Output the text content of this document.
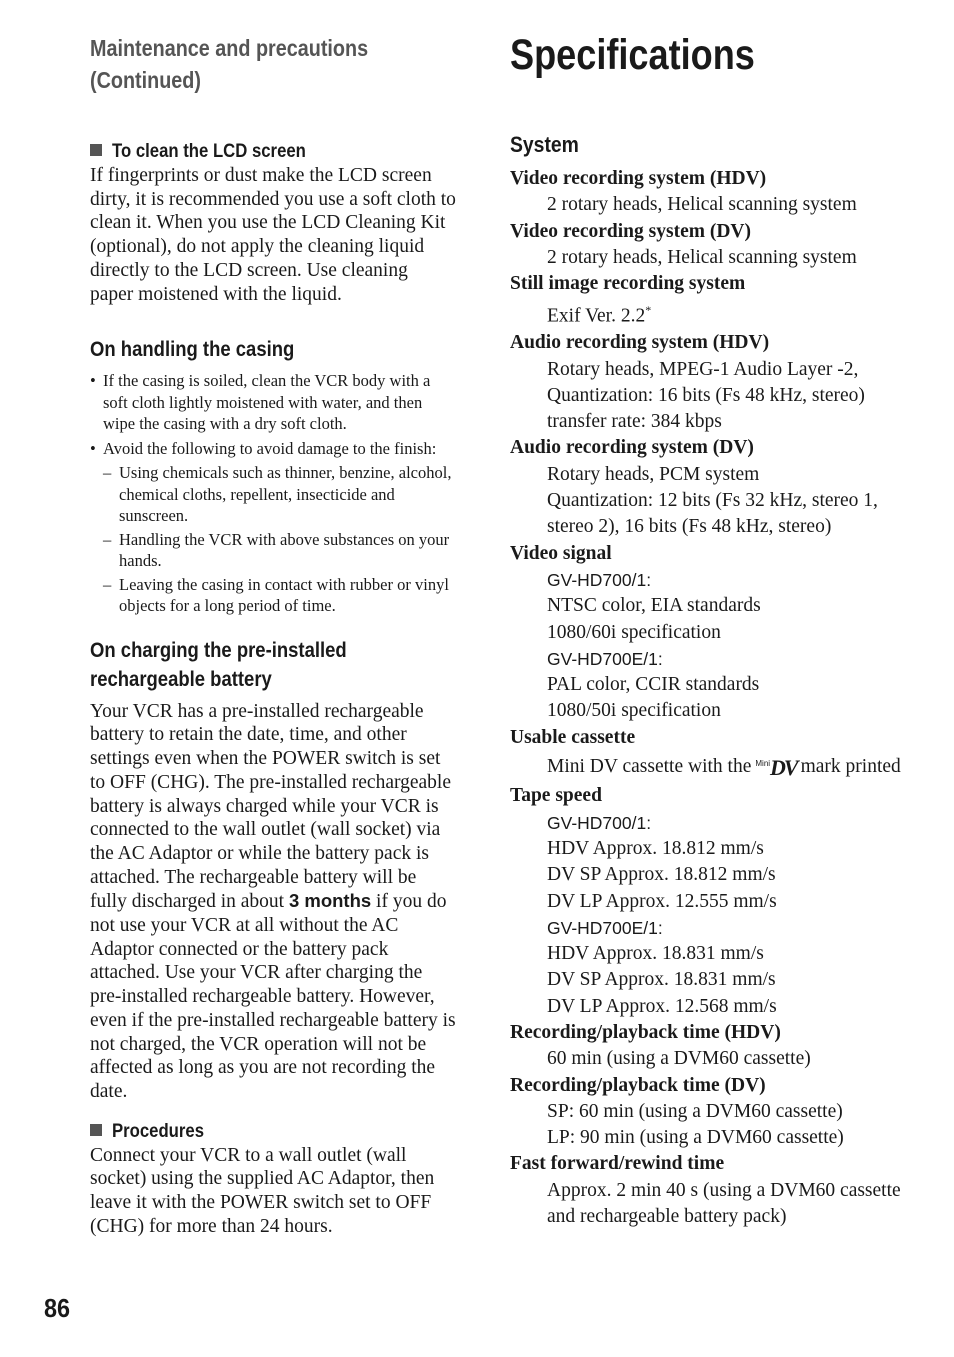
Maintenance and precautions
(Continued)
To clean the LCD screen

If fingerprints or dust make the LCD screen dirty, it is recommended you use a soft cloth to clean it. When you use the LCD Cleaning Kit (optional), do not apply the cleaning liquid directly to the LCD screen. Use cleaning paper moistened with the liquid.

On handling the casing
• If the casing is soiled, clean the VCR body with a soft cloth lightly moistened with water, and then wipe the casing with a dry soft cloth.
• Avoid the following to avoid damage to the finish:
– Using chemicals such as thinner, benzine, alcohol, chemical cloths, repellent, insecticide and sunscreen.
– Handling the VCR with above substances on your hands.
– Leaving the casing in contact with rubber or vinyl objects for a long period of time.
On charging the pre-installed
rechargeable battery

Your VCR has a pre-installed rechargeable battery to retain the date, time, and other settings even when the POWER switch is set to OFF (CHG). The pre-installed rechargeable battery is always charged while your VCR is connected to the wall outlet (wall socket) via the AC Adaptor or while the battery pack is attached. The rechargeable battery will be fully discharged in about 3 months if you do not use your VCR at all without the AC Adaptor connected or the battery pack attached. Use your VCR after charging the pre-installed rechargeable battery. However, even if the pre-installed rechargeable battery is not charged, the VCR operation will not be affected as long as you are not recording the date.

Procedures

Connect your VCR to a wall outlet (wall socket) using the supplied AC Adaptor, then leave it with the POWER switch set to OFF (CHG) for more than 24 hours.

86
Specifications
System

Video recording system (HDV)

2 rotary heads, Helical scanning system

Video recording system (DV)

2 rotary heads, Helical scanning system

Still image recording system

Exif Ver. 2.2*

Audio recording system (HDV)

Rotary heads, MPEG-1 Audio Layer -2, Quantization: 16 bits (Fs 48 kHz, stereo)

transfer rate: 384 kbps

Audio recording system (DV)

Rotary heads, PCM system

Quantization: 12 bits (Fs 32 kHz, stereo 1, stereo 2), 16 bits (Fs 48 kHz, stereo)

Video signal

GV-HD700/1:

NTSC color, EIA standards

1080/60i specification

GV-HD700E/1:

PAL color, CCIR standards

1080/50i specification

Usable cassette

Mini DV cassette with the $^{Mini}$DV mark printed

Tape speed

GV-HD700/1:

HDV Approx. 18.812 mm/s

DV SP Approx. 18.812 mm/s

DV LP Approx. 12.555 mm/s

GV-HD700E/1:

HDV Approx. 18.831 mm/s

DV SP Approx. 18.831 mm/s

DV LP Approx. 12.568 mm/s

Recording/playback time (HDV)

60 min (using a DVM60 cassette)

Recording/playback time (DV)

SP: 60 min (using a DVM60 cassette)

LP: 90 min (using a DVM60 cassette)

Fast forward/rewind time

Approx. 2 min 40 s (using a DVM60 cassette and rechargeable battery pack)
